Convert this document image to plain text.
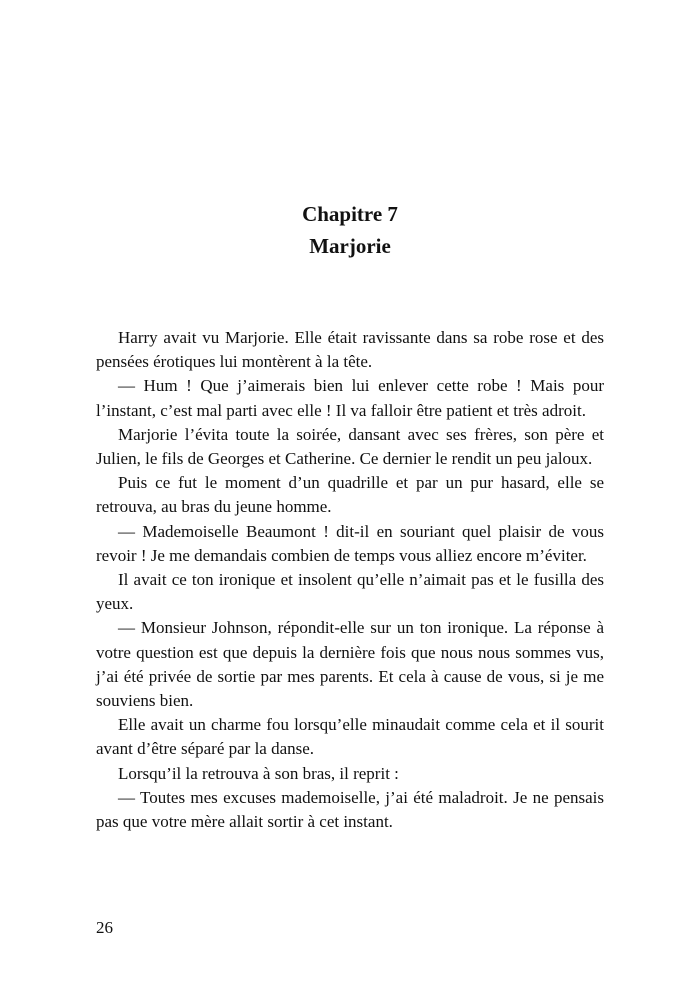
Chapitre 7
Marjorie

Harry avait vu Marjorie. Elle était ravissante dans sa robe rose et des pensées érotiques lui montèrent à la tête.

— Hum ! Que j’aimerais bien lui enlever cette robe ! Mais pour l’instant, c’est mal parti avec elle ! Il va falloir être patient et très adroit.

Marjorie l’évita toute la soirée, dansant avec ses frères, son père et Julien, le fils de Georges et Catherine. Ce dernier le rendit un peu jaloux.

Puis ce fut le moment d’un quadrille et par un pur hasard, elle se retrouva, au bras du jeune homme.

— Mademoiselle Beaumont ! dit-il en souriant quel plaisir de vous revoir ! Je me demandais combien de temps vous alliez encore m’éviter.

Il avait ce ton ironique et insolent qu’elle n’aimait pas et le fusilla des yeux.

— Monsieur Johnson, répondit-elle sur un ton ironique. La réponse à votre question est que depuis la dernière fois que nous nous sommes vus, j’ai été privée de sortie par mes parents. Et cela à cause de vous, si je me souviens bien.

Elle avait un charme fou lorsqu’elle minaudait comme cela et il sourit avant d’être séparé par la danse.

Lorsqu’il la retrouva à son bras, il reprit :

— Toutes mes excuses mademoiselle, j’ai été maladroit. Je ne pensais pas que votre mère allait sortir à cet instant.

26
